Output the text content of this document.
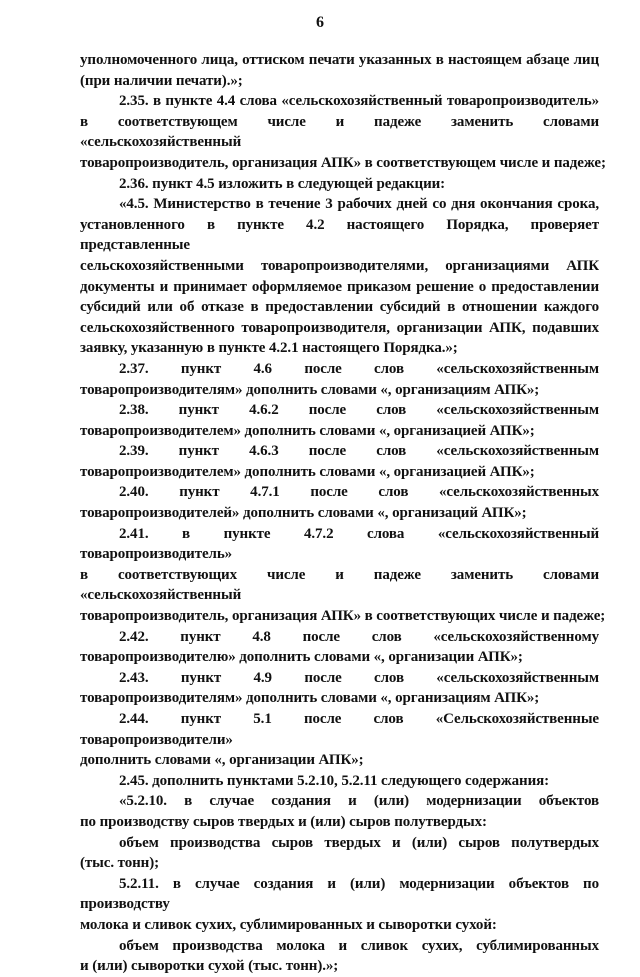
6
уполномоченного лица, оттиском печати указанных в настоящем абзаце лиц
(при наличии печати).»;
2.35. в пункте 4.4 слова «сельскохозяйственный товаропроизводитель»
в соответствующем числе и падеже заменить словами «сельскохозяйственный
товаропроизводитель, организация АПК» в соответствующем числе и падеже;
2.36. пункт 4.5 изложить в следующей редакции:
«4.5. Министерство в течение 3 рабочих дней со дня окончания срока,
установленного в пункте 4.2 настоящего Порядка, проверяет представленные
сельскохозяйственными товаропроизводителями, организациями АПК
документы и принимает оформляемое приказом решение о предоставлении
субсидий или об отказе в предоставлении субсидий в отношении каждого
сельскохозяйственного товаропроизводителя, организации АПК, подавших
заявку, указанную в пункте 4.2.1 настоящего Порядка.»;
2.37. пункт 4.6 после слов «сельскохозяйственным
товаропроизводителям» дополнить словами «, организациям АПК»;
2.38. пункт 4.6.2 после слов «сельскохозяйственным
товаропроизводителем» дополнить словами «, организацией АПК»;
2.39. пункт 4.6.3 после слов «сельскохозяйственным
товаропроизводителем» дополнить словами «, организацией АПК»;
2.40. пункт 4.7.1 после слов «сельскохозяйственных
товаропроизводителей» дополнить словами «, организаций АПК»;
2.41. в пункте 4.7.2 слова «сельскохозяйственный товаропроизводитель»
в соответствующих числе и падеже заменить словами «сельскохозяйственный
товаропроизводитель, организация АПК» в соответствующих числе и падеже;
2.42. пункт 4.8 после слов «сельскохозяйственному
товаропроизводителю» дополнить словами «, организации АПК»;
2.43. пункт 4.9 после слов «сельскохозяйственным
товаропроизводителям» дополнить словами «, организациям АПК»;
2.44. пункт 5.1 после слов «Сельскохозяйственные товаропроизводители»
дополнить словами «, организации АПК»;
2.45. дополнить пунктами 5.2.10, 5.2.11 следующего содержания:
«5.2.10. в случае создания и (или) модернизации объектов
по производству сыров твердых и (или) сыров полутвердых:
объем производства сыров твердых и (или) сыров полутвердых
(тыс. тонн);
5.2.11. в случае создания и (или) модернизации объектов по производству
молока и сливок сухих, сублимированных и сыворотки сухой:
объем производства молока и сливок сухих, сублимированных
и (или) сыворотки сухой (тыс. тонн).»;
